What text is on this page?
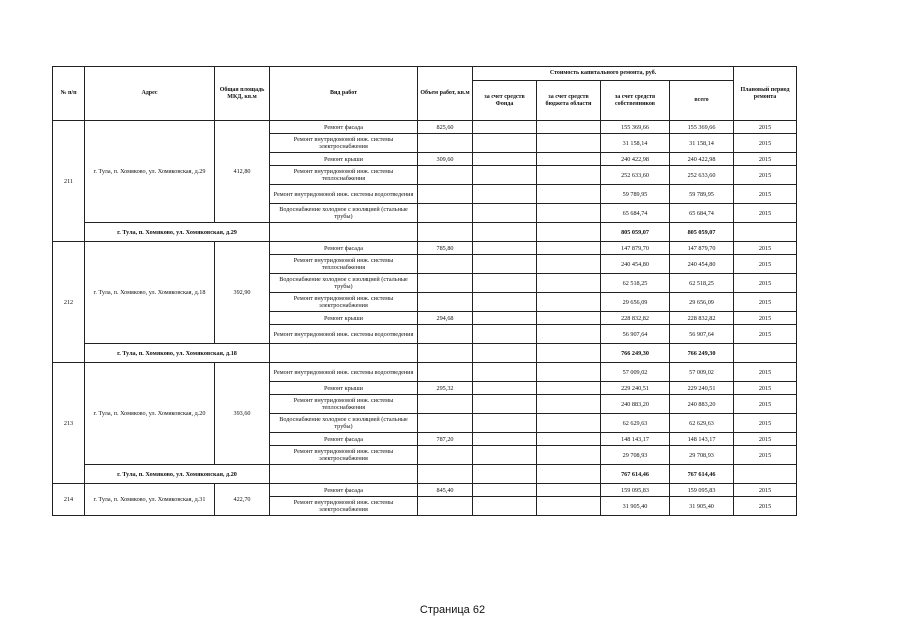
№ п/п	Адрес	Общая площадь МКД, кв.м	Вид работ	Объем работ, кв.м	Стоимость капитального ремонта, руб.				Плановый период ремонта
					за счет средств Фонда	за счет средств бюджета области	за счет средств собственников	всего	
211	г. Тула, п. Хомяково, ул. Хомяковская, д.29	412,80	Ремонт фасада	825,60			155 369,66	155 369,66	2015
			Ремонт внутридомовой инж. системы электроснабжения				31 158,14	31 158,14	2015
			Ремонт крыши	309,60			240 422,98	240 422,98	2015
			Ремонт внутридомовой инж. системы теплоснабжения				252 633,60	252 633,60	2015
			Ремонт внутридомовой инж. системы водоотведения				59 789,95	59 789,95	2015
			Водоснабжение холодное с изоляцией (стальные трубы)				65 684,74	65 684,74	2015
	г. Тула, п. Хомяково, ул. Хомяковская, д.29						805 059,07	805 059,07	
212	г. Тула, п. Хомяково, ул. Хомяковская, д.18	392,90	Ремонт фасада	785,80			147 879,70	147 879,70	2015
			Ремонт внутридомовой инж. системы теплоснабжения				240 454,80	240 454,80	2015
			Водоснабжение холодное с изоляцией (стальные трубы)				62 518,25	62 518,25	2015
			Ремонт внутридомовой инж. системы электроснабжения				29 656,09	29 656,09	2015
			Ремонт крыши	294,68			228 832,82	228 832,82	2015
			Ремонт внутридомовой инж. системы водоотведения				56 907,64	56 907,64	2015
	г. Тула, п. Хомяково, ул. Хомяковская, д.18						766 249,30	766 249,30	
213	г. Тула, п. Хомяково, ул. Хомяковская, д.20	393,60	Ремонт внутридомовой инж. системы водоотведения				57 009,02	57 009,02	2015
			Ремонт крыши	295,32			229 240,51	229 240,51	2015
			Ремонт внутридомовой инж. системы теплоснабжения				240 883,20	240 883,20	2015
			Водоснабжение холодное с изоляцией (стальные трубы)				62 629,63	62 629,63	2015
			Ремонт фасада	787,20			148 143,17	148 143,17	2015
			Ремонт внутридомовой инж. системы электроснабжения				29 708,93	29 708,93	2015
	г. Тула, п. Хомяково, ул. Хомяковская, д.20						767 614,46	767 614,46	
214	г. Тула, п. Хомяково, ул. Хомяковская, д.31	422,70	Ремонт фасада	845,40			159 095,83	159 095,83	2015
			Ремонт внутридомовой инж. системы электроснабжения				31 905,40	31 905,40	2015
Страница 62
